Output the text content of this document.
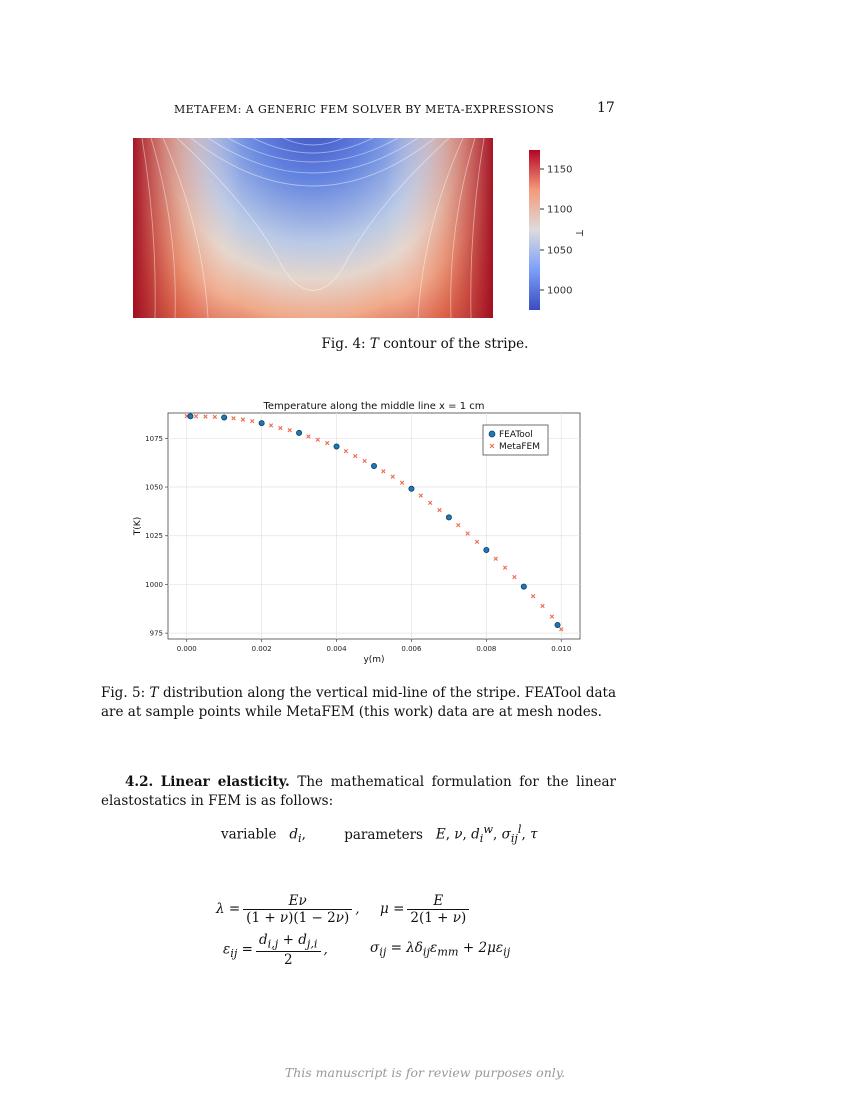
METAFEM: A GENERIC FEM SOLVER BY META-EXPRESSIONS	17
1150
1100
1050
1000
T
Fig. 4: T contour of the stripe.
0.000	0.002	0.004	0.006	0.008	0.010
975
1000
1025
1050
1075
Temperature along the middle line x = 1 cm
y(m)
T(K)
FEATool
MetaFEM
Fig. 5: T distribution along the vertical mid-line of the stripe. FEATool data are at sample points while MetaFEM (this work) data are at mesh nodes.
4.2. Linear elasticity. The mathematical formulation for the linear elastostatics in FEM is as follows:
variable $d_i$,	parameters E, ν, $d_i^w$, $\sigma_{ij}^l$, τ
$\lambda = \frac{E\nu}{(1 + \nu)(1 - 2\nu)}$ , $\mu = \frac{E}{2(1 + \nu)}$
$\varepsilon_{ij} = \frac{d_{i,j} + d_{j,i}}{2}$ ,	$\sigma_{ij} = \lambda\delta_{ij}\varepsilon_{mm} + 2\mu\varepsilon_{ij}$
This manuscript is for review purposes only.
